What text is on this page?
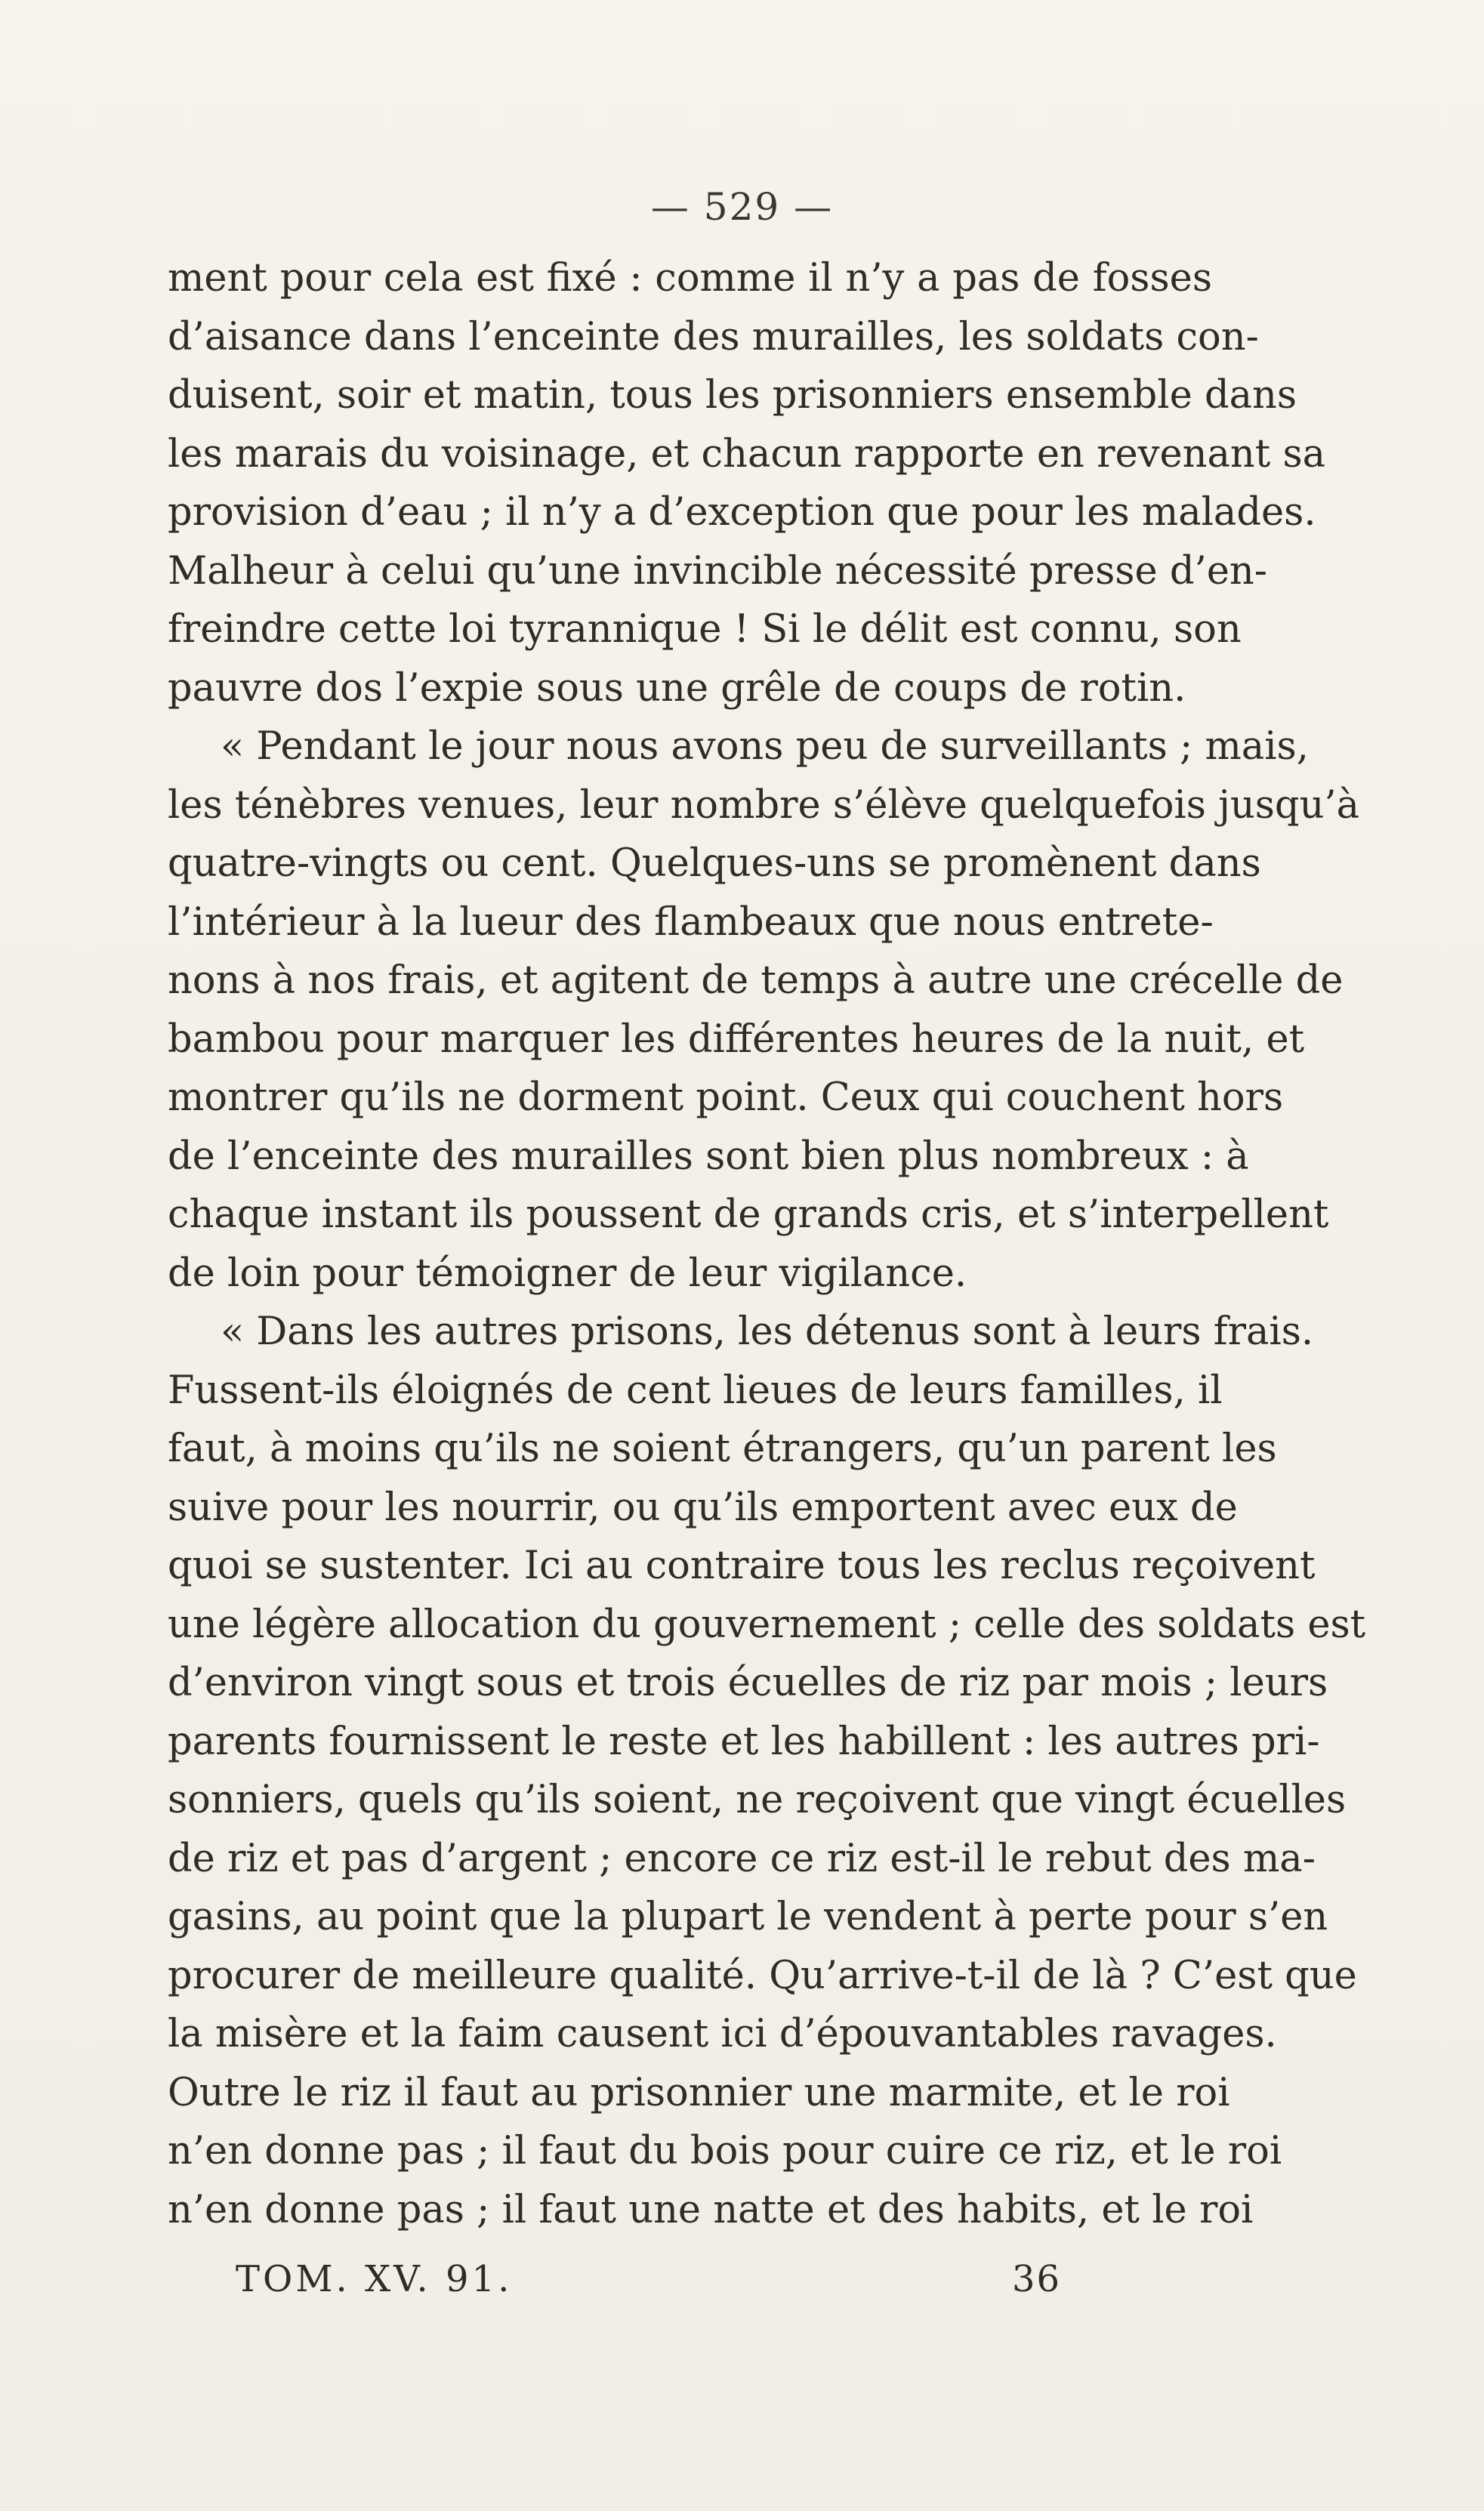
— 529 —
ment pour cela est fixé : comme il n’y a pas de fosses
d’aisance dans l’enceinte des murailles, les soldats con-
duisent, soir et matin, tous les prisonniers ensemble dans
les marais du voisinage, et chacun rapporte en revenant sa
provision d’eau ; il n’y a d’exception que pour les malades.
Malheur à celui qu’une invincible nécessité presse d’en-
freindre cette loi tyrannique ! Si le délit est connu, son
pauvre dos l’expie sous une grêle de coups de rotin.
« Pendant le jour nous avons peu de surveillants ; mais,
les ténèbres venues, leur nombre s’élève quelquefois jusqu’à
quatre-vingts ou cent. Quelques-uns se promènent dans
l’intérieur à la lueur des flambeaux que nous entrete-
nons à nos frais, et agitent de temps à autre une crécelle de
bambou pour marquer les différentes heures de la nuit, et
montrer qu’ils ne dorment point. Ceux qui couchent hors
de l’enceinte des murailles sont bien plus nombreux : à
chaque instant ils poussent de grands cris, et s’interpellent
de loin pour témoigner de leur vigilance.
« Dans les autres prisons, les détenus sont à leurs frais.
Fussent-ils éloignés de cent lieues de leurs familles, il
faut, à moins qu’ils ne soient étrangers, qu’un parent les
suive pour les nourrir, ou qu’ils emportent avec eux de
quoi se sustenter. Ici au contraire tous les reclus reçoivent
une légère allocation du gouvernement ; celle des soldats est
d’environ vingt sous et trois écuelles de riz par mois ; leurs
parents fournissent le reste et les habillent : les autres pri-
sonniers, quels qu’ils soient, ne reçoivent que vingt écuelles
de riz et pas d’argent ; encore ce riz est-il le rebut des ma-
gasins, au point que la plupart le vendent à perte pour s’en
procurer de meilleure qualité. Qu’arrive-t-il de là ? C’est que
la misère et la faim causent ici d’épouvantables ravages.
Outre le riz il faut au prisonnier une marmite, et le roi
n’en donne pas ; il faut du bois pour cuire ce riz, et le roi
n’en donne pas ; il faut une natte et des habits, et le roi
TOM. XV. 91.	36
